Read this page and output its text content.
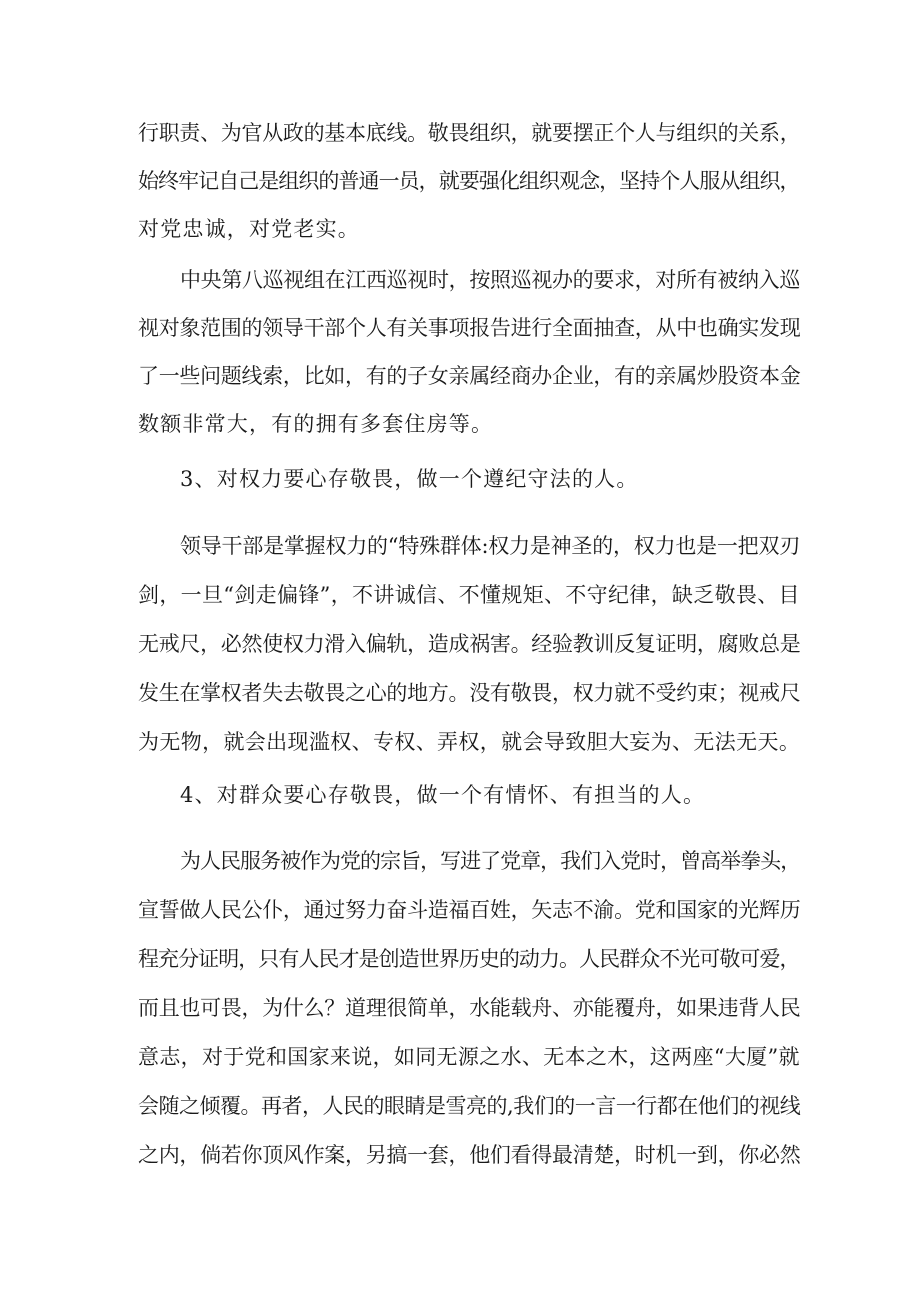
行职责、为官从政的基本底线。敬畏组织，就要摆正个人与组织的关系，
始终牢记自己是组织的普通一员，就要强化组织观念，坚持个人服从组织，
对党忠诚，对党老实。
中央第八巡视组在江西巡视时，按照巡视办的要求，对所有被纳入巡
视对象范围的领导干部个人有关事项报告进行全面抽查，从中也确实发现
了一些问题线索，比如，有的子女亲属经商办企业，有的亲属炒股资本金
数额非常大，有的拥有多套住房等。
3、对权力要心存敬畏，做一个遵纪守法的人。
领导干部是掌握权力的“特殊群体:权力是神圣的，权力也是一把双刃
剑，一旦“剑走偏锋”，不讲诚信、不懂规矩、不守纪律，缺乏敬畏、目
无戒尺，必然使权力滑入偏轨，造成祸害。经验教训反复证明，腐败总是
发生在掌权者失去敬畏之心的地方。没有敬畏，权力就不受约束；视戒尺
为无物，就会出现滥权、专权、弄权，就会导致胆大妄为、无法无天。
4、对群众要心存敬畏，做一个有情怀、有担当的人。
为人民服务被作为党的宗旨，写进了党章，我们入党时，曾高举拳头，
宣誓做人民公仆，通过努力奋斗造福百姓，矢志不渝。党和国家的光辉历
程充分证明，只有人民才是创造世界历史的动力。人民群众不光可敬可爱，
而且也可畏，为什么？道理很简单，水能载舟、亦能覆舟，如果违背人民
意志，对于党和国家来说，如同无源之水、无本之木，这两座“大厦”就
会随之倾覆。再者，人民的眼睛是雪亮的,我们的一言一行都在他们的视线
之内，倘若你顶风作案，另搞一套，他们看得最清楚，时机一到，你必然
